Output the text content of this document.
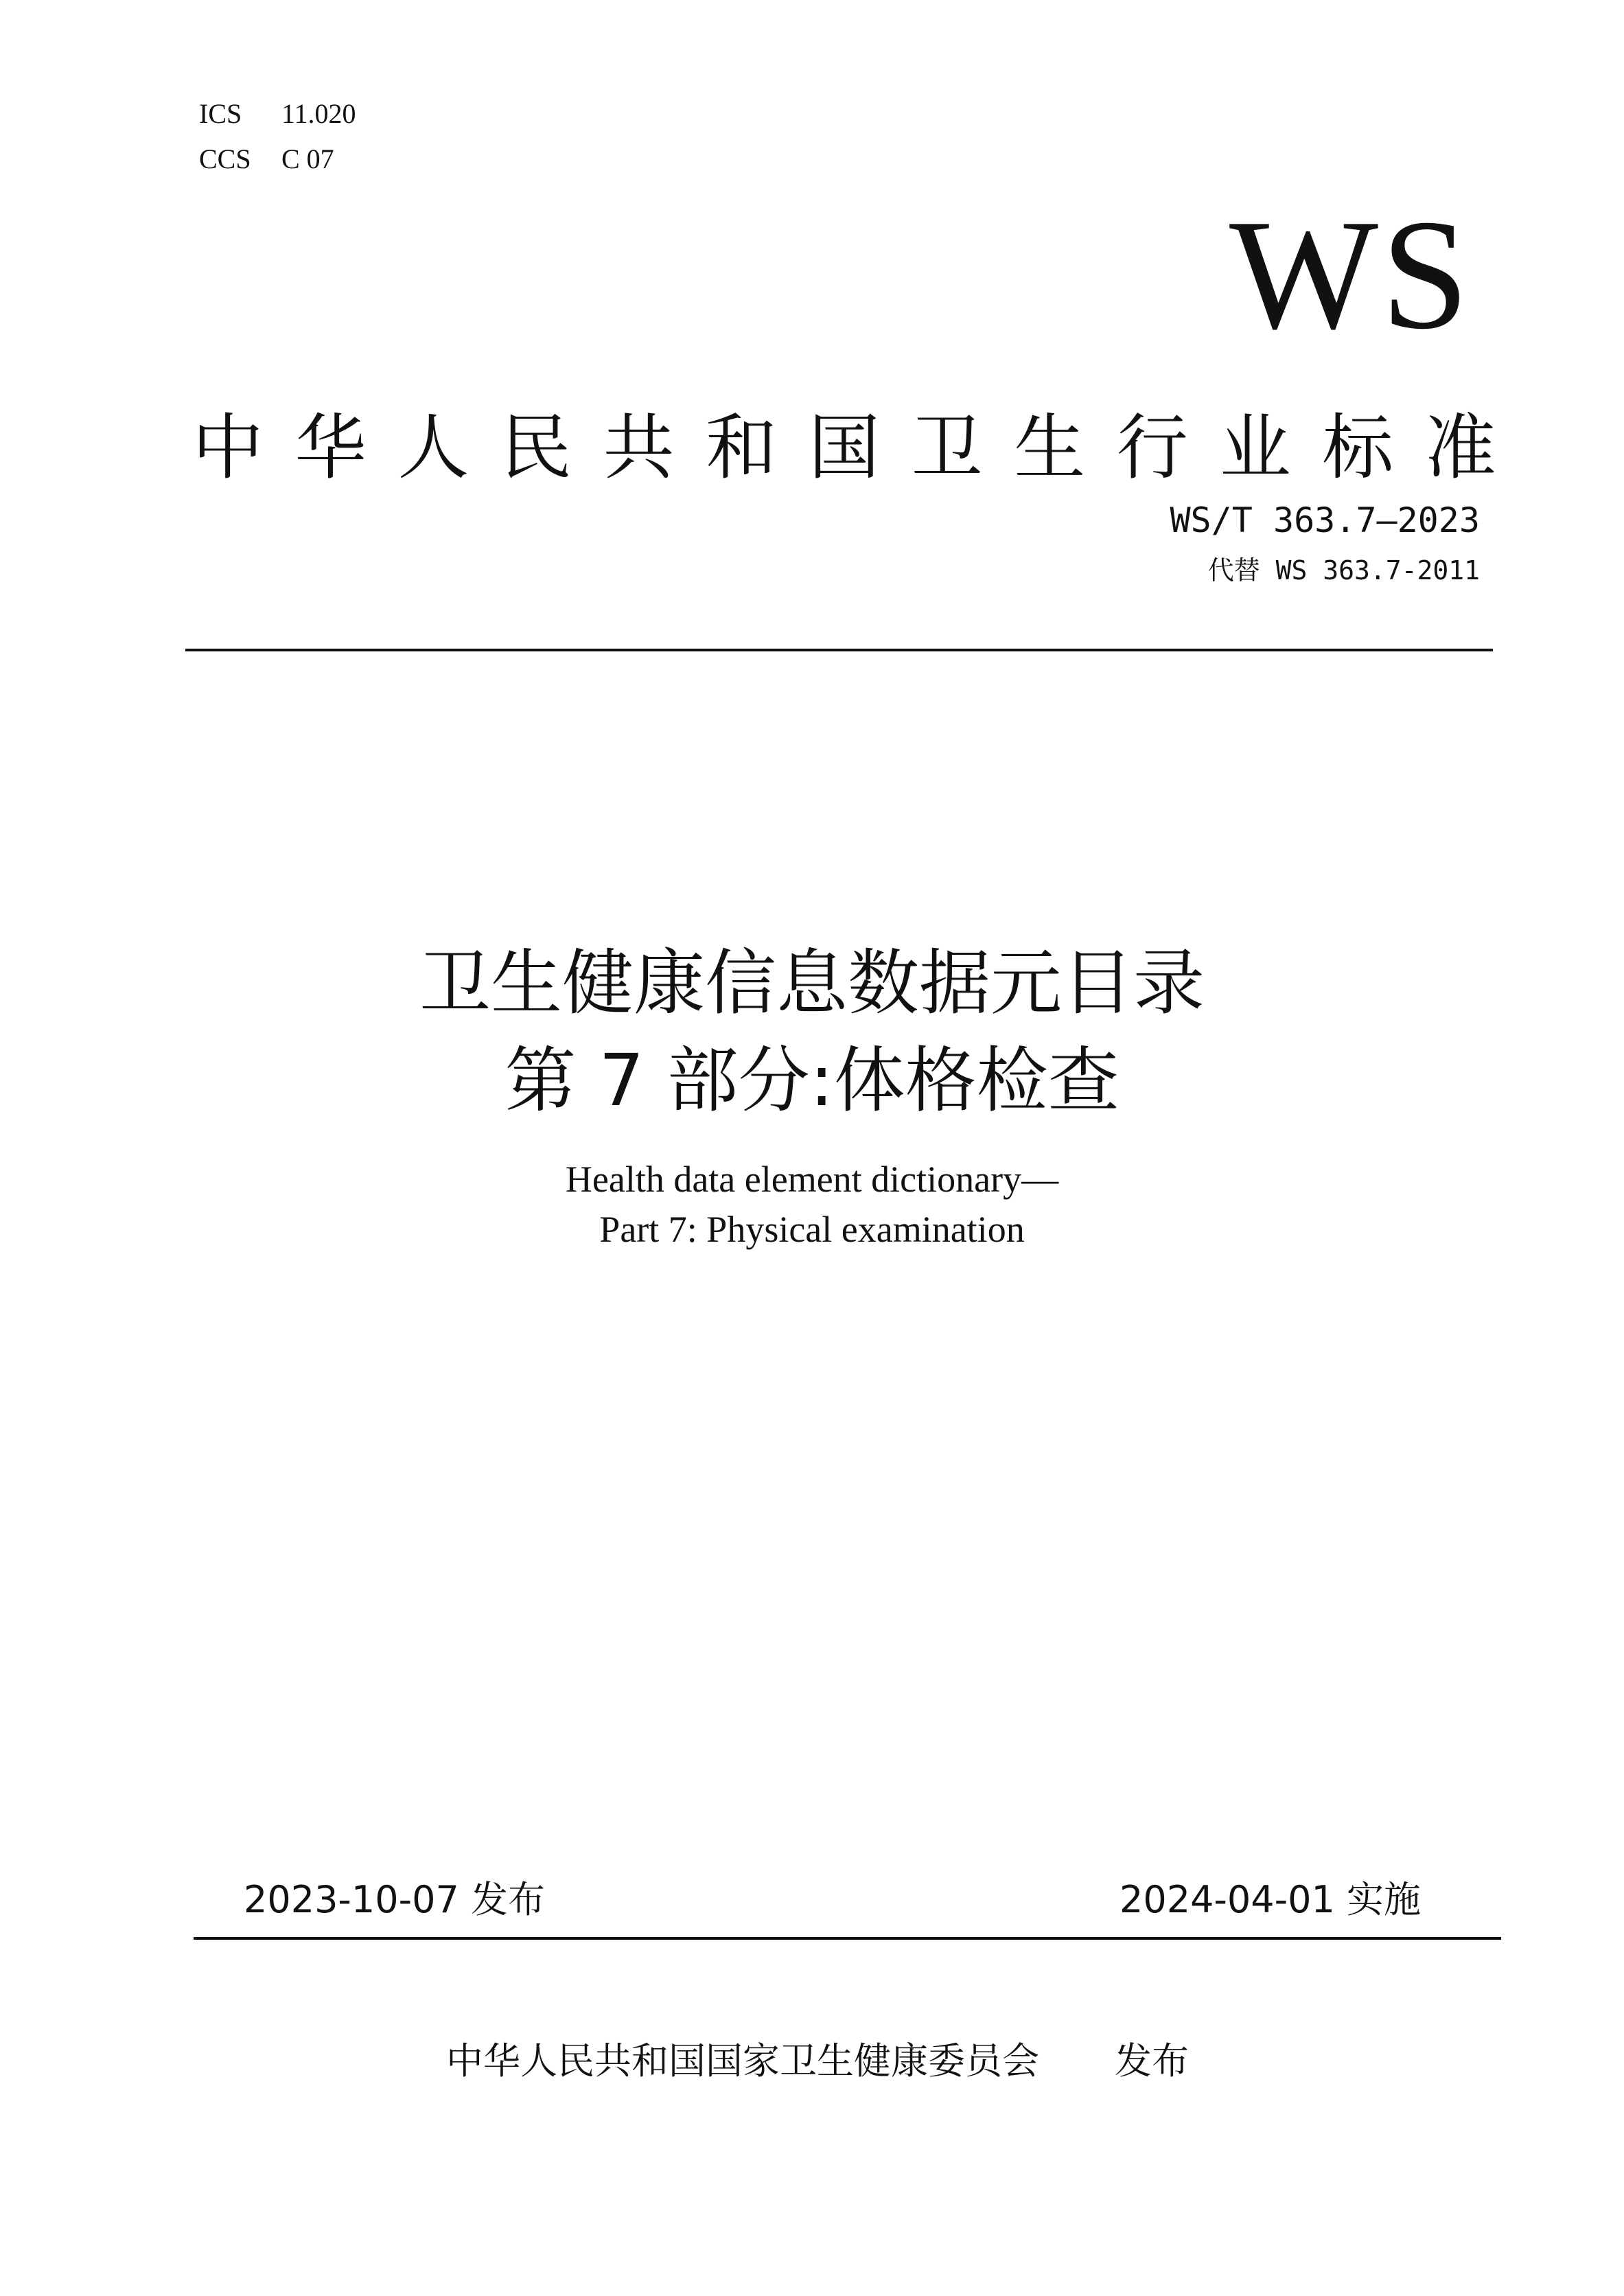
ICS 11.020
CCS C 07
WS
中 华 人 民 共 和 国 卫 生 行 业 标 准
WS/T 363.7—2023
代替 WS 363.7-2011
卫生健康信息数据元目录
第 7 部分:体格检查
Health data element dictionary—
Part 7: Physical examination
2023-10-07 发布	2024-04-01 实施
中华人民共和国国家卫生健康委员会 发布
